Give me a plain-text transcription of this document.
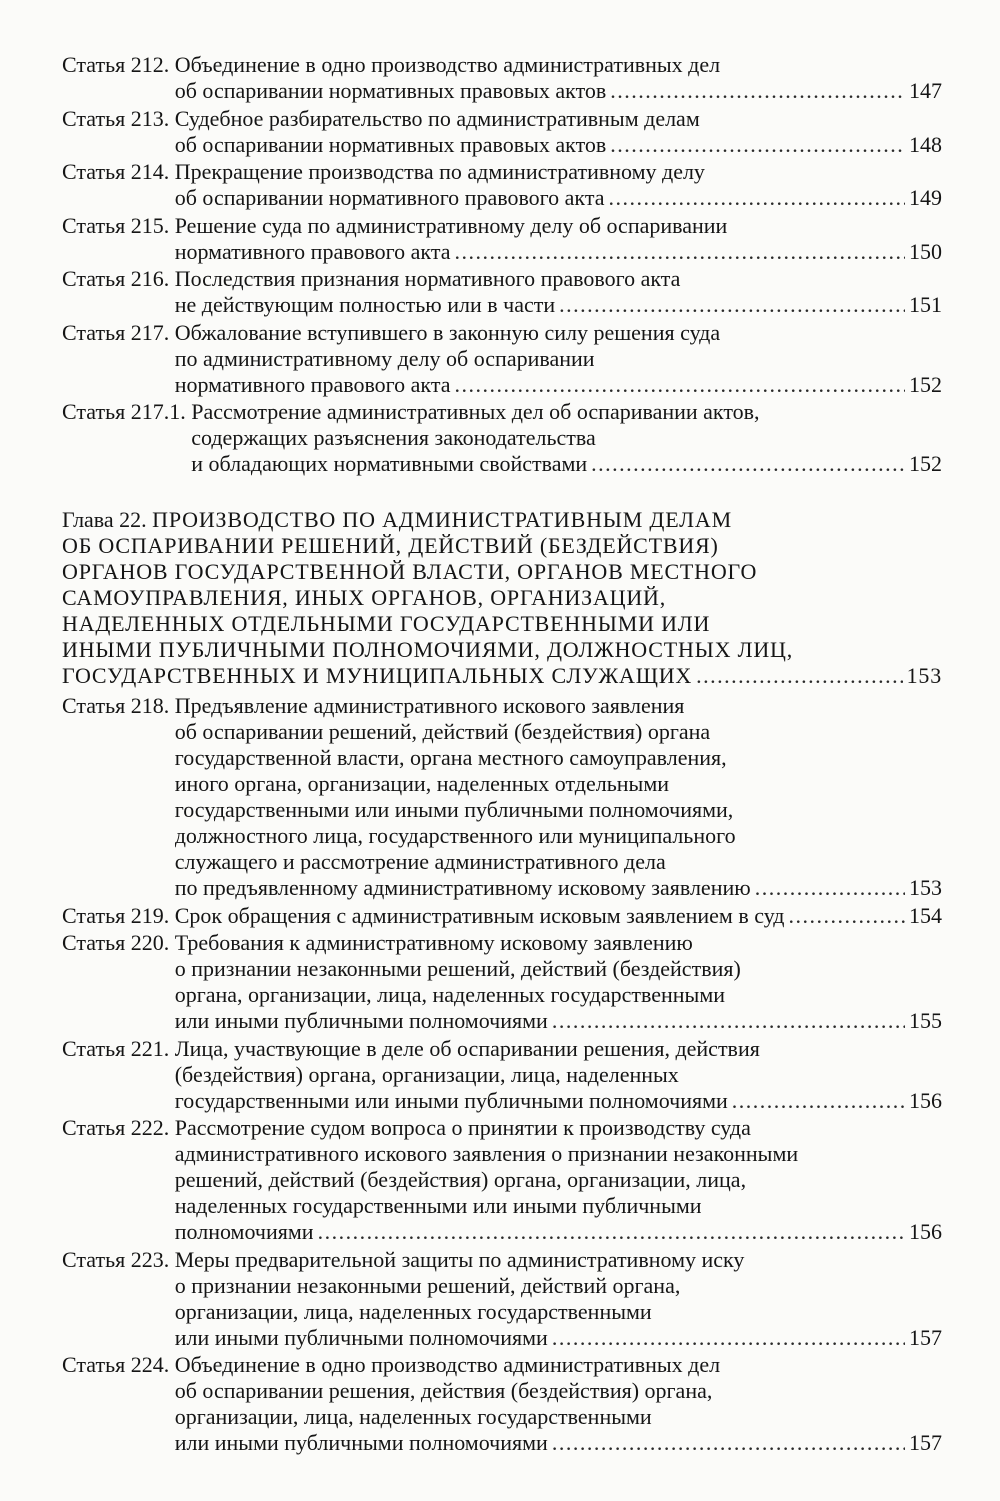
Статья 212. Объединение в одно производство административных дел
об оспаривании нормативных правовых актов .....	147
Статья 213. Судебное разбирательство по административным делам
об оспаривании нормативных правовых актов .....	148
Статья 214. Прекращение производства по административному делу
об оспаривании нормативного правового акта .....	149
Статья 215. Решение суда по административному делу об оспаривании
нормативного правового акта .....	150
Статья 216. Последствия признания нормативного правового акта
не действующим полностью или в части .....	151
Статья 217. Обжалование вступившего в законную силу решения суда
по административному делу об оспаривании
нормативного правового акта .....	152
Статья 217.1. Рассмотрение административных дел об оспаривании актов,
содержащих разъяснения законодательства
и обладающих нормативными свойствами .....	152
Глава 22. ПРОИЗВОДСТВО ПО АДМИНИСТРАТИВНЫМ ДЕЛАМ
ОБ ОСПАРИВАНИИ РЕШЕНИЙ, ДЕЙСТВИЙ (БЕЗДЕЙСТВИЯ)
ОРГАНОВ ГОСУДАРСТВЕННОЙ ВЛАСТИ, ОРГАНОВ МЕСТНОГО
САМОУПРАВЛЕНИЯ, ИНЫХ ОРГАНОВ, ОРГАНИЗАЦИЙ,
НАДЕЛЕННЫХ ОТДЕЛЬНЫМИ ГОСУДАРСТВЕННЫМИ ИЛИ
ИНЫМИ ПУБЛИЧНЫМИ ПОЛНОМОЧИЯМИ, ДОЛЖНОСТНЫХ ЛИЦ,
ГОСУДАРСТВЕННЫХ И МУНИЦИПАЛЬНЫХ СЛУЖАЩИХ .....	153
Статья 218. Предъявление административного искового заявления
об оспаривании решений, действий (бездействия) органа
государственной власти, органа местного самоуправления,
иного органа, организации, наделенных отдельными
государственными или иными публичными полномочиями,
должностного лица, государственного или муниципального
служащего и рассмотрение административного дела
по предъявленному административному исковому заявлению .....	153
Статья 219. Срок обращения с административным исковым заявлением в суд .....	154
Статья 220. Требования к административному исковому заявлению
о признании незаконными решений, действий (бездействия)
органа, организации, лица, наделенных государственными
или иными публичными полномочиями .....	155
Статья 221. Лица, участвующие в деле об оспаривании решения, действия
(бездействия) органа, организации, лица, наделенных
государственными или иными публичными полномочиями .....	156
Статья 222. Рассмотрение судом вопроса о принятии к производству суда
административного искового заявления о признании незаконными
решений, действий (бездействия) органа, организации, лица,
наделенных государственными или иными публичными
полномочиями .....	156
Статья 223. Меры предварительной защиты по административному иску
о признании незаконными решений, действий органа,
организации, лица, наделенных государственными
или иными публичными полномочиями .....	157
Статья 224. Объединение в одно производство административных дел
об оспаривании решения, действия (бездействия) органа,
организации, лица, наделенных государственными
или иными публичными полномочиями .....	157
